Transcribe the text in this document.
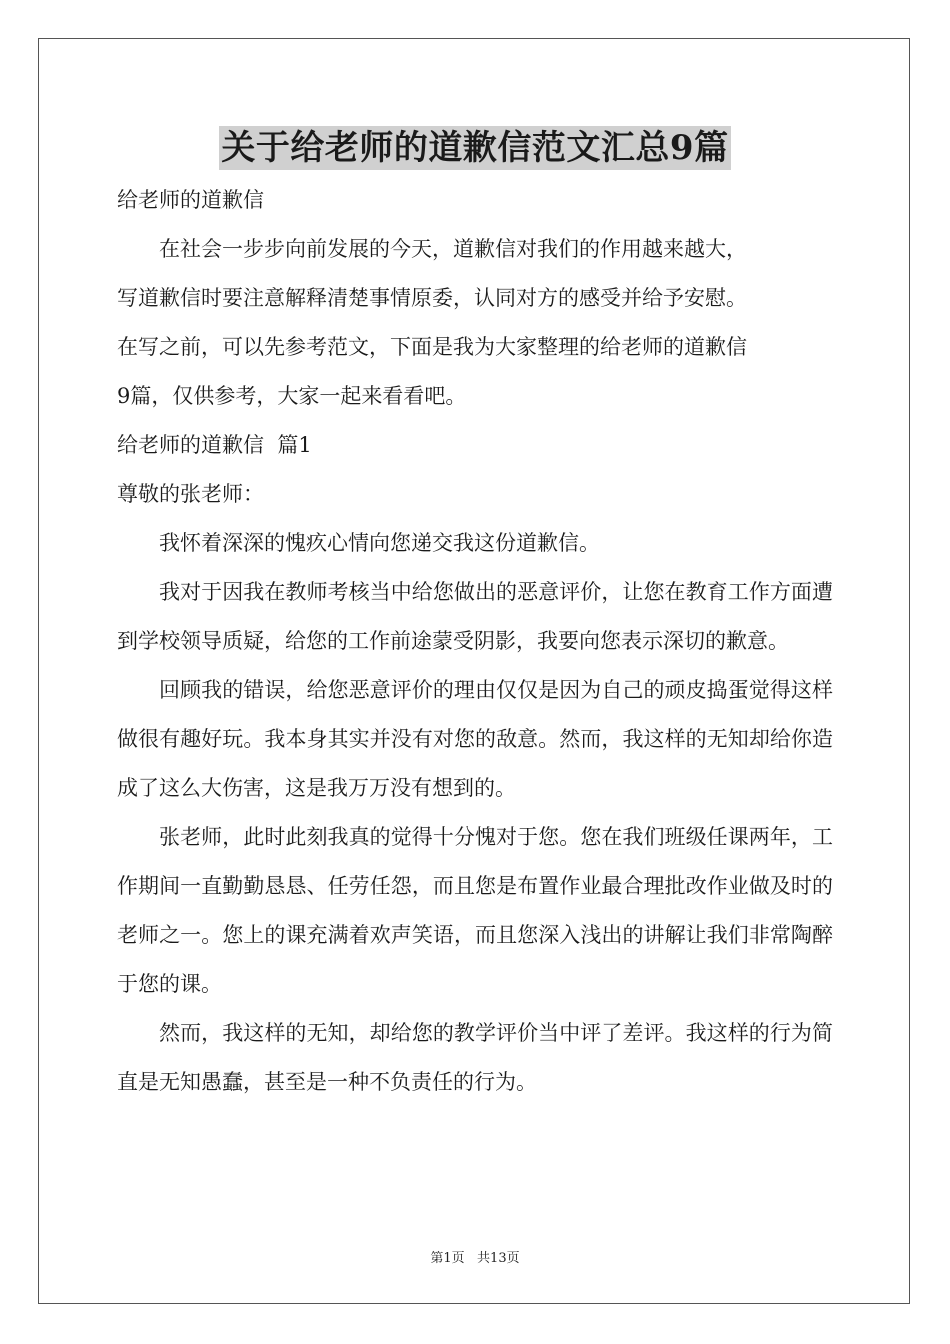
关于给老师的道歉信范文汇总9篇
给老师的道歉信
在社会一步步向前发展的今天，道歉信对我们的作用越来越大，
写道歉信时要注意解释清楚事情原委，认同对方的感受并给予安慰。
在写之前，可以先参考范文，下面是我为大家整理的给老师的道歉信
9篇，仅供参考，大家一起来看看吧。
给老师的道歉信  篇1
尊敬的张老师：

我怀着深深的愧疚心情向您递交我这份道歉信。

我对于因我在教师考核当中给您做出的恶意评价，让您在教育工作方面遭到学校领导质疑，给您的工作前途蒙受阴影，我要向您表示深切的歉意。

回顾我的错误，给您恶意评价的理由仅仅是因为自己的顽皮捣蛋觉得这样做很有趣好玩。我本身其实并没有对您的敌意。然而，我这样的无知却给你造成了这么大伤害，这是我万万没有想到的。

张老师，此时此刻我真的觉得十分愧对于您。您在我们班级任课两年，工作期间一直勤勤恳恳、任劳任怨，而且您是布置作业最合理批改作业做及时的老师之一。您上的课充满着欢声笑语，而且您深入浅出的讲解让我们非常陶醉于您的课。

然而，我这样的无知，却给您的教学评价当中评了差评。我这样的行为简直是无知愚蠢，甚至是一种不负责任的行为。

第1页   共13页
